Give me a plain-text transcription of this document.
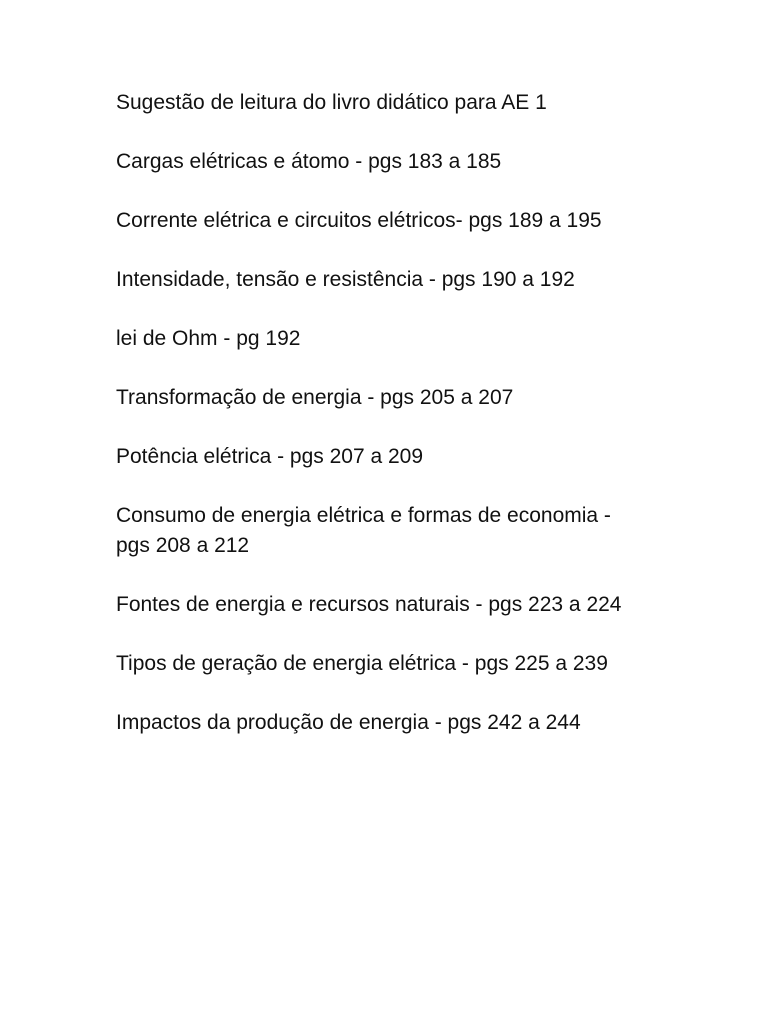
Sugestão de leitura do livro didático para AE 1

Cargas elétricas e átomo - pgs 183 a 185

Corrente elétrica e circuitos elétricos- pgs 189 a 195

Intensidade, tensão e resistência - pgs 190 a 192

lei de Ohm - pg 192

Transformação de energia - pgs 205 a 207

Potência elétrica - pgs 207 a 209

Consumo de energia elétrica e formas de economia - pgs 208 a 212

Fontes de energia e recursos naturais - pgs 223 a 224

Tipos de geração de energia elétrica - pgs 225 a 239

Impactos da produção de energia - pgs 242 a 244
